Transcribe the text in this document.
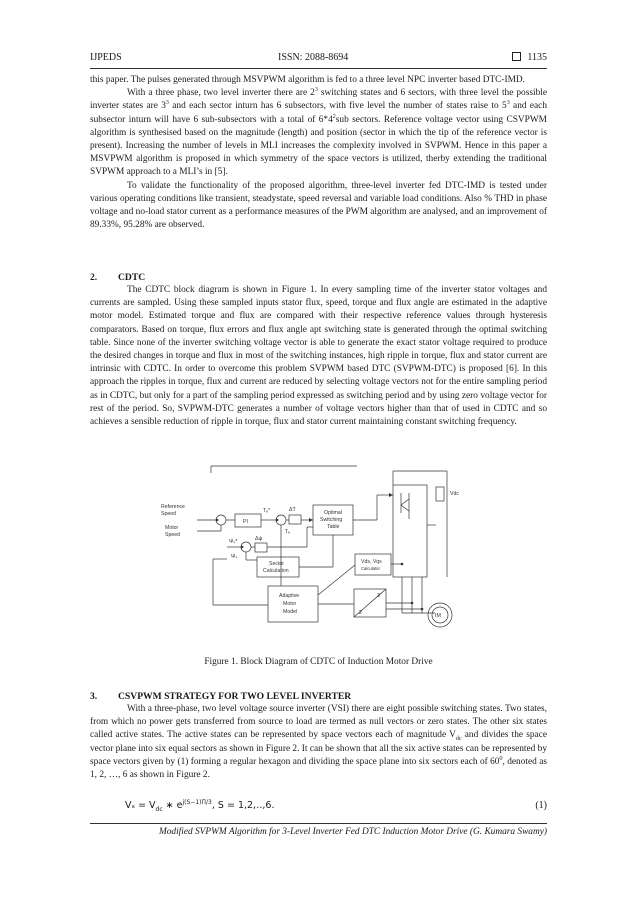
IJPEDS	ISSN: 2088-8694	1135

this paper. The pulses generated through MSVPWM algorithm is fed to a three level NPC inverter based DTC-IMD.

With a three phase, two level inverter there are $2^3$ switching states and 6 sectors, with three level the possible inverter states are $3^3$ and each sector inturn has 6 subsectors, with five level the number of states raise to $5^3$ and each subsector inturn will have 6 sub-subsectors with a total of $6*4^2sub$ sectors. Reference voltage vector using CSVPWM algorithm is synthesised based on the magnitude (length) and position (sector in which the tip of the reference vector is present). Increasing the number of levels in MLI increases the complexity involved in SVPWM. Hence in this paper a MSVPWM algorithm is proposed in which symmetry of the space vectors is utilized, therby extending the traditional SVPWM approach to a MLI’s in [5].

To validate the functionality of the proposed algorithm, three-level inverter fed DTC-IMD is tested under various operating conditions like transient, steadystate, speed reversal and variable load conditions. Also % THD in phase voltage and no-load stator current as a performance measures of the PWM algorithm are analysed, and an improvement of 89.33%, 95.28% are observed.

2. CDTC

The CDTC block diagram is shown in Figure 1. In every sampling time of the inverter stator voltages and currents are sampled. Using these sampled inputs stator flux, speed, torque and flux angle are estimated in the adaptive motor model. Estimated torque and flux are compared with their respective reference values through hysteresis comparators. Based on torque, flux errors and flux angle apt switching state is generated through the optimal switching table. Since none of the inverter switching voltage vector is able to generate the exact stator voltage required to produce the desired changes in torque and flux in most of the switching instances, high ripple in torque, flux and stator current are intrinsic with CDTC. In order to overcome this problem SVPWM based DTC (SVPWM-DTC) is proposed [6]. In this approach the ripples in torque, flux and current are reduced by selecting voltage vectors not for the entire sampling period as in CDTC, but only for a part of the sampling period expressed as switching period and by using zero voltage vector for rest of the period. So, SVPWM-DTC generates a number of voltage vectors higher than that of used in CDTC and so achieves a sensible reduction of ripple in torque, flux and stator current maintaining constant switching frequency.

Reference
Speed
Motor
Speed
PI
Tₑ*
Tₑ
ΔT
Δψ
Ψₛ*
Ψₛ
Optimal
Switching
Table
Sector
Calculation
Adaptive
Motor
Model
Vds, Vqs
Calculator
3
2	IM
Vdc
Figure 1. Block Diagram of CDTC of Induction Motor Drive
3. CSVPWM STRATEGY FOR TWO LEVEL INVERTER

With a three-phase, two level voltage source inverter (VSI) there are eight possible switching states. Two states, from which no power gets transferred from source to load are termed as null vectors or zero states. The other six states called active states. The active states can be represented by space vectors each of magnitude $V_{dc}$ and divides the space vector plane into six equal sectors as shown in Figure 2. It can be shown that all the six active states can be represented by space vectors given by (1) forming a regular hexagon and dividing the space plane into six sectors each of $60^0$, denoted as 1, 2, …, 6 as shown in Figure 2.

$V_s = V_{dc}$ ∗ $e^{j(S-1)\Pi/3}$, S = 1,2,‥,6.	(1)
Modified SVPWM Algorithm for 3-Level Inverter Fed DTC Induction Motor Drive (G. Kumara Swamy)
